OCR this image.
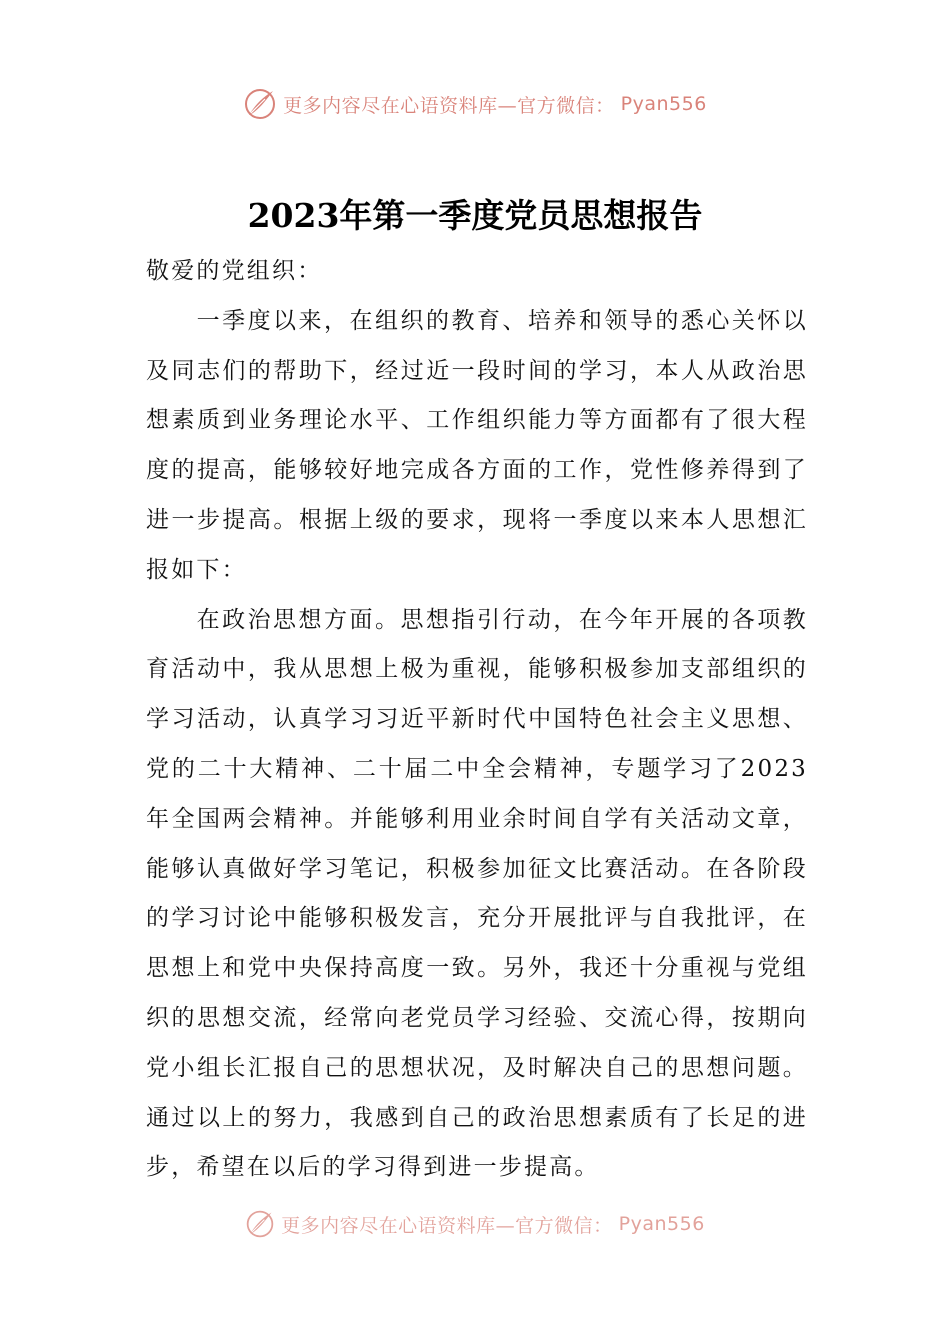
更多内容尽在心语资料库—官方微信： Pyan556
2023年第一季度党员思想报告

敬爱的党组织：

一季度以来，在组织的教育、培养和领导的悉心关怀以及同志们的帮助下，经过近一段时间的学习，本人从政治思想素质到业务理论水平、工作组织能力等方面都有了很大程度的提高，能够较好地完成各方面的工作，党性修养得到了进一步提高。根据上级的要求，现将一季度以来本人思想汇报如下：

在政治思想方面。思想指引行动，在今年开展的各项教育活动中，我从思想上极为重视，能够积极参加支部组织的学习活动，认真学习习近平新时代中国特色社会主义思想、党的二十大精神、二十届二中全会精神，专题学习了2023年全国两会精神。并能够利用业余时间自学有关活动文章，能够认真做好学习笔记，积极参加征文比赛活动。在各阶段的学习讨论中能够积极发言，充分开展批评与自我批评，在思想上和党中央保持高度一致。另外，我还十分重视与党组织的思想交流，经常向老党员学习经验、交流心得，按期向党小组长汇报自己的思想状况，及时解决自己的思想问题。通过以上的努力，我感到自己的政治思想素质有了长足的进步，希望在以后的学习得到进一步提高。

更多内容尽在心语资料库—官方微信： Pyan556
